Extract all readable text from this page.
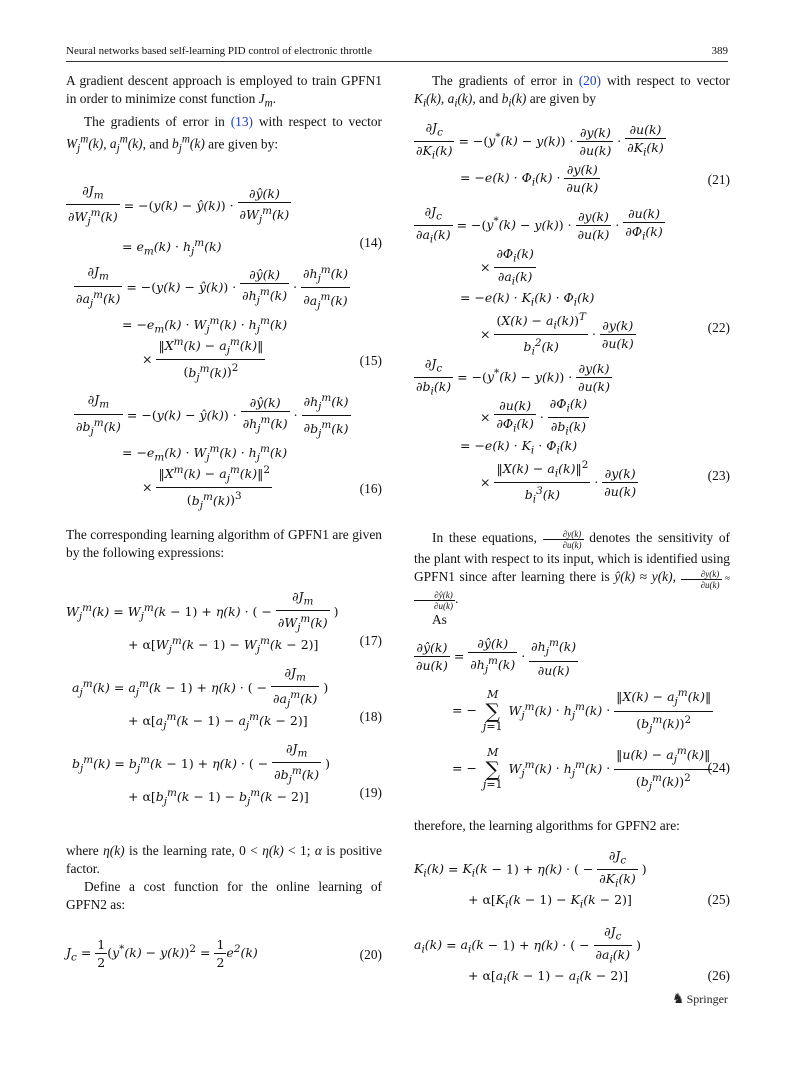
Neural networks based self-learning PID control of electronic throttle	389

A gradient descent approach is employed to train GPFN1 in order to minimize const function $J_m$.

The gradients of error in (13) with respect to vector $W_j^m(k)$, $a_j^m(k)$, and $b_j^m(k)$ are given by:

$\frac{\partial J_m}{\partial W_j^m(k)} = -(y(k)$ − ŷ(k)) · $\frac{\partial ŷ(k)}{\partial W_j^m(k)}$
= $e_m(k) \cdot h_j^m(k)$	(14)
$\frac{\partial J_m}{\partial a_j^m(k)} = -(y(k)$ − ŷ(k)) · $\frac{\partial ŷ(k)}{\partial h_j^m(k)} \cdot \frac{\partial h_j^m(k)}{\partial a_j^m(k)}$
= $-e_m(k) \cdot W_j^m(k) \cdot h_j^m(k)$
× $\frac{‖X^m(k) - a_j^m(k)‖}{(b_j^m(k))^2}$	(15)
$\frac{\partial J_m}{\partial b_j^m(k)} = -(y(k)$ − ŷ(k)) · $\frac{\partial ŷ(k)}{\partial h_j^m(k)} \cdot \frac{\partial h_j^m(k)}{\partial b_j^m(k)}$
= $-e_m(k) \cdot W_j^m(k) \cdot h_j^m(k)$
× $\frac{‖X^m(k) - a_j^m(k)‖^2}{(b_j^m(k))^3}$	(16)

The corresponding learning algorithm of GPFN1 are given by the following expressions:

$W_j^m(k) = W_j^m(k - 1) + \eta(k)$ · ( − $\frac{\partial J_m}{\partial W_j^m(k)}$ )
+ $\alpha[W_j^m(k - 1) - W_j^m(k - 2)]$	(17)
$a_j^m(k) = a_j^m(k - 1) + \eta(k)$ · ( − $\frac{\partial J_m}{\partial a_j^m(k)}$ )
+ $\alpha[a_j^m(k - 1) - a_j^m(k - 2)]$	(18)
$b_j^m(k) = b_j^m(k - 1) + \eta(k)$ · ( − $\frac{\partial J_m}{\partial b_j^m(k)}$ )
+ $\alpha[b_j^m(k - 1) - b_j^m(k - 2)]$	(19)

where η(k) is the learning rate, 0 < η(k) < 1; α is positive factor.

Define a cost function for the online learning of GPFN2 as:

$J_c = \frac{1}{2} (y^*(k) - y(k))^2 = \frac{1}{2} e^2(k)$	(20)

The gradients of error in (20) with respect to vector $K_i(k)$, $a_i(k)$, and $b_i(k)$ are given by

$\frac{\partial J_c}{\partial K_i(k)} = -(y^*(k) - y(k)) \cdot \frac{\partial y(k)}{\partial u(k)} \cdot \frac{\partial u(k)}{\partial K_i(k)}$
= $-e(k) \cdot \Phi_i(k) \cdot \frac{\partial y(k)}{\partial u(k)}$	(21)
$\frac{\partial J_c}{\partial a_i(k)} = -(y^*(k) - y(k)) \cdot \frac{\partial y(k)}{\partial u(k)} \cdot \frac{\partial u(k)}{\partial\Phi_i(k)}$
× $\frac{\partial\Phi_i(k)}{\partial a_i(k)}$
= $-e(k) \cdot K_i(k) \cdot \Phi_i(k)$
× $\frac{(X(k) - a_i(k))^T}{b_i^2(k)} \cdot \frac{\partial y(k)}{\partial u(k)}$	(22)
$\frac{\partial J_c}{\partial b_i(k)} = -(y^*(k) - y(k)) \cdot \frac{\partial y(k)}{\partial u(k)}$
× $\frac{\partial u(k)}{\partial\Phi_i(k)} \cdot \frac{\partial\Phi_i(k)}{\partial b_i(k)}$
= $-e(k) \cdot K_i \cdot \Phi_i(k)$
× $\frac{‖X(k) - a_i(k)‖^2}{b_i^3(k)} \cdot \frac{\partial y(k)}{\partial u(k)}$	(23)

In these equations, $\frac{\partial y(k)}{\partial u(k)}$ denotes the sensitivity of the plant with respect to its input, which is identified using GPFN1 since after learning there is ŷ(k) ≈ y(k), $\frac{\partial y(k)}{\partial u(k)}$ ≈
$\frac{\partial ŷ(k)}{\partial u(k)}$ .

As

$\frac{\partial ŷ(k)}{\partial u(k)} = \frac{\partial ŷ(k)}{\partial h_j^m(k)} \cdot \frac{\partial h_j^m(k)}{\partial u(k)}$
= −
M
∑
j=1
$W_j^m(k) \cdot h_j^m(k) \cdot \frac{‖X(k) - a_j^m(k)‖}{(b_j^m(k))^2}$
= −
M
∑
j=1
$W_j^m(k) \cdot h_j^m(k) \cdot \frac{‖u(k) - a_j^m(k)‖}{(b_j^m(k))^2}$
(24)

therefore, the learning algorithms for GPFN2 are:

$K_i(k) = K_i(k - 1) + \eta(k)$ · ( − $\frac{\partial J_c}{\partial K_i(k)}$ )
+ $\alpha[K_i(k - 1) - K_i(k - 2)]$	(25)
$a_i(k) = a_i(k - 1) + \eta(k)$ · ( − $\frac{\partial J_c}{\partial a_i(k)}$ )
+ $\alpha[a_i(k - 1) - a_i(k - 2)]$	(26)
♞ Springer
